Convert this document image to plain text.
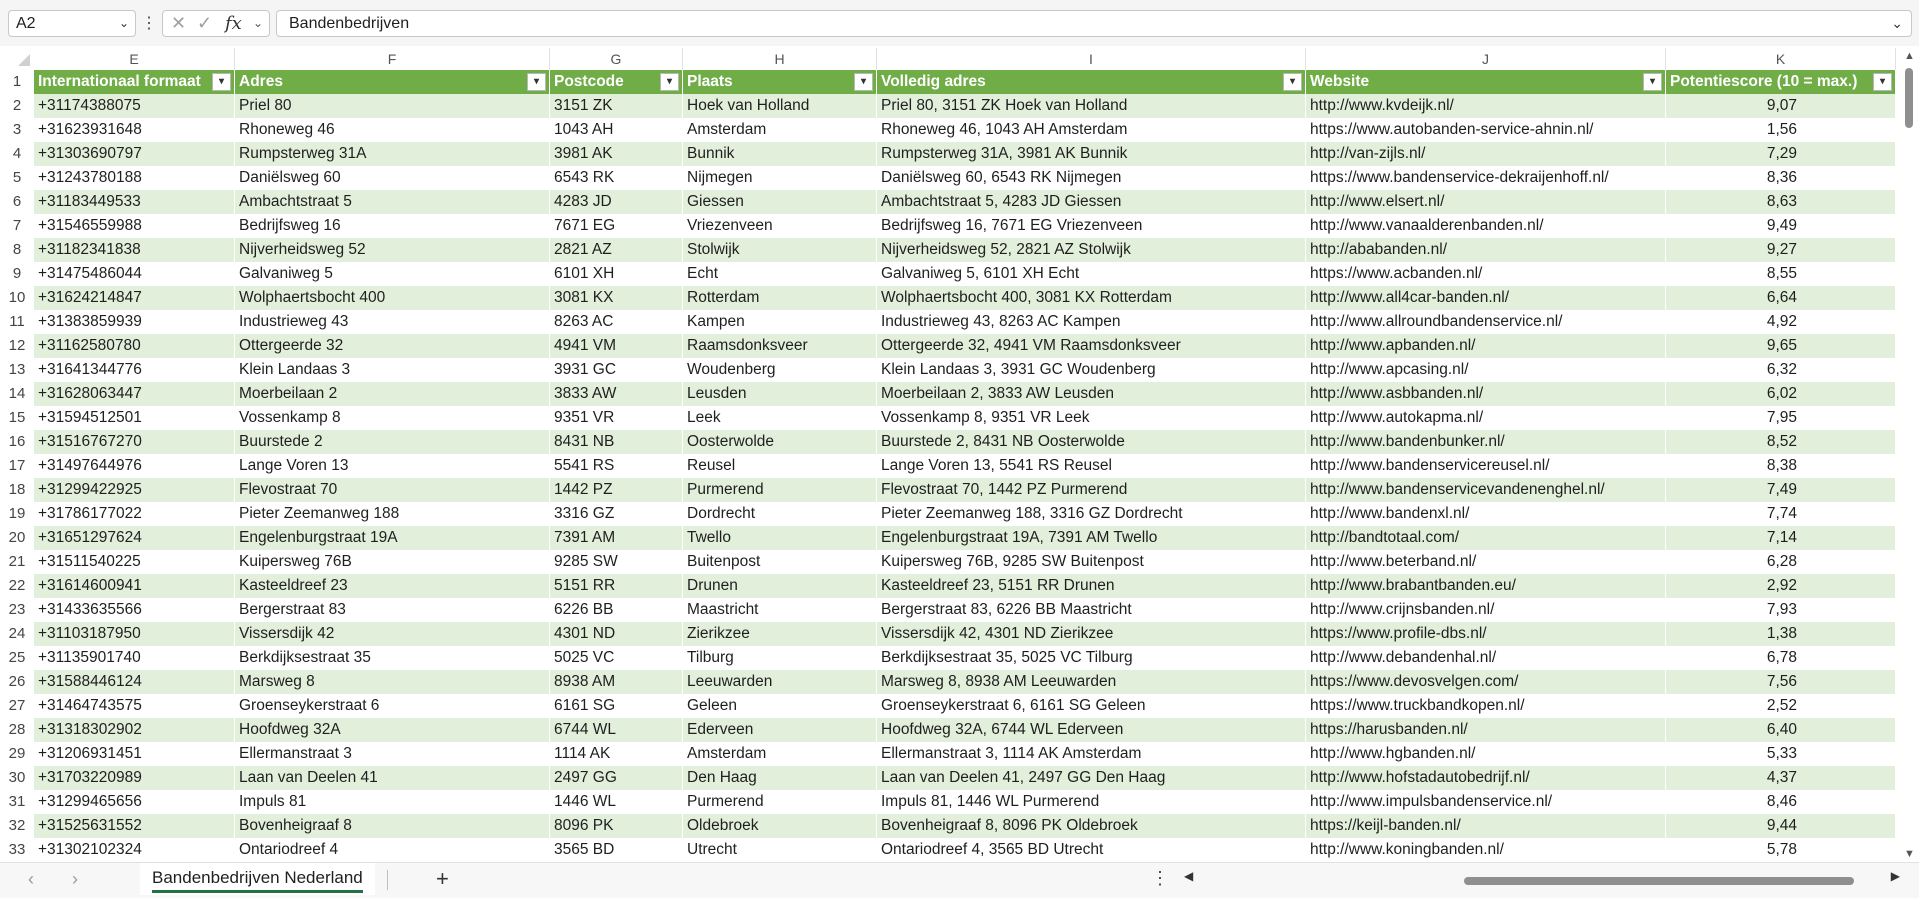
A2	⌄ ⋮ ✕ ✓ fx ⌄	Bandenbedrijven	⌄
E	F	G	H	I	J	K
1	Internationaal formaat	▾ Adres	▾ Postcode	▾ Plaats	▾ Volledig adres	▾ Website	▾ Potentiescore (10 = max.)	▾
2	+31174388075	Priel 80	3151 ZK	Hoek van Holland	Priel 80, 3151 ZK Hoek van Holland	http://www.kvdeijk.nl/	9,07
3	+31623931648	Rhoneweg 46	1043 AH	Amsterdam	Rhoneweg 46, 1043 AH Amsterdam	https://www.autobanden-service-ahnin.nl/	1,56
4	+31303690797	Rumpsterweg 31A	3981 AK	Bunnik	Rumpsterweg 31A, 3981 AK Bunnik	http://van-zijls.nl/	7,29
5	+31243780188	Daniëlsweg 60	6543 RK	Nijmegen	Daniëlsweg 60, 6543 RK Nijmegen	https://www.bandenservice-dekraijenhoff.nl/	8,36
6	+31183449533	Ambachtstraat 5	4283 JD	Giessen	Ambachtstraat 5, 4283 JD Giessen	http://www.elsert.nl/	8,63
7	+31546559988	Bedrijfsweg 16	7671 EG	Vriezenveen	Bedrijfsweg 16, 7671 EG Vriezenveen	http://www.vanaalderenbanden.nl/	9,49
8	+31182341838	Nijverheidsweg 52	2821 AZ	Stolwijk	Nijverheidsweg 52, 2821 AZ Stolwijk	http://ababanden.nl/	9,27
9	+31475486044	Galvaniweg 5	6101 XH	Echt	Galvaniweg 5, 6101 XH Echt	https://www.acbanden.nl/	8,55
10 +31624214847	Wolphaertsbocht 400	3081 KX	Rotterdam	Wolphaertsbocht 400, 3081 KX Rotterdam	http://www.all4car-banden.nl/	6,64
11 +31383859939	Industrieweg 43	8263 AC	Kampen	Industrieweg 43, 8263 AC Kampen	http://www.allroundbandenservice.nl/	4,92
12 +31162580780	Ottergeerde 32	4941 VM	Raamsdonksveer	Ottergeerde 32, 4941 VM Raamsdonksveer	http://www.apbanden.nl/	9,65
13 +31641344776	Klein Landaas 3	3931 GC	Woudenberg	Klein Landaas 3, 3931 GC Woudenberg	http://www.apcasing.nl/	6,32
14 +31628063447	Moerbeilaan 2	3833 AW	Leusden	Moerbeilaan 2, 3833 AW Leusden	http://www.asbbanden.nl/	6,02
15 +31594512501	Vossenkamp 8	9351 VR	Leek	Vossenkamp 8, 9351 VR Leek	http://www.autokapma.nl/	7,95
16 +31516767270	Buurstede 2	8431 NB	Oosterwolde	Buurstede 2, 8431 NB Oosterwolde	http://www.bandenbunker.nl/	8,52
17 +31497644976	Lange Voren 13	5541 RS	Reusel	Lange Voren 13, 5541 RS Reusel	http://www.bandenservicereusel.nl/	8,38
18 +31299422925	Flevostraat 70	1442 PZ	Purmerend	Flevostraat 70, 1442 PZ Purmerend	http://www.bandenservicevandenenghel.nl/	7,49
19 +31786177022	Pieter Zeemanweg 188	3316 GZ	Dordrecht	Pieter Zeemanweg 188, 3316 GZ Dordrecht	http://www.bandenxl.nl/	7,74
20 +31651297624	Engelenburgstraat 19A	7391 AM	Twello	Engelenburgstraat 19A, 7391 AM Twello	http://bandtotaal.com/	7,14
21 +31511540225	Kuipersweg 76B	9285 SW	Buitenpost	Kuipersweg 76B, 9285 SW Buitenpost	http://www.beterband.nl/	6,28
22 +31614600941	Kasteeldreef 23	5151 RR	Drunen	Kasteeldreef 23, 5151 RR Drunen	http://www.brabantbanden.eu/	2,92
23 +31433635566	Bergerstraat 83	6226 BB	Maastricht	Bergerstraat 83, 6226 BB Maastricht	http://www.crijnsbanden.nl/	7,93
24 +31103187950	Vissersdijk 42	4301 ND	Zierikzee	Vissersdijk 42, 4301 ND Zierikzee	https://www.profile-dbs.nl/	1,38
25 +31135901740	Berkdijksestraat 35	5025 VC	Tilburg	Berkdijksestraat 35, 5025 VC Tilburg	http://www.debandenhal.nl/	6,78
26 +31588446124	Marsweg 8	8938 AM	Leeuwarden	Marsweg 8, 8938 AM Leeuwarden	https://www.devosvelgen.com/	7,56
27 +31464743575	Groenseykerstraat 6	6161 SG	Geleen	Groenseykerstraat 6, 6161 SG Geleen	https://www.truckbandkopen.nl/	2,52
28 +31318302902	Hoofdweg 32A	6744 WL	Ederveen	Hoofdweg 32A, 6744 WL Ederveen	https://harusbanden.nl/	6,40
29 +31206931451	Ellermanstraat 3	1114 AK	Amsterdam	Ellermanstraat 3, 1114 AK Amsterdam	http://www.hgbanden.nl/	5,33
30 +31703220989	Laan van Deelen 41	2497 GG	Den Haag	Laan van Deelen 41, 2497 GG Den Haag	http://www.hofstadautobedrijf.nl/	4,37
31 +31299465656	Impuls 81	1446 WL	Purmerend	Impuls 81, 1446 WL Purmerend	http://www.impulsbandenservice.nl/	8,46
32 +31525631552	Bovenheigraaf 8	8096 PK	Oldebroek	Bovenheigraaf 8, 8096 PK Oldebroek	https://keijl-banden.nl/	9,44
33 +31302102324	Ontariodreef 4	3565 BD	Utrecht	Ontariodreef 4, 3565 BD Utrecht	http://www.koningbanden.nl/	5,78
▲
▼
‹ ›	Bandenbedrijven Nederland	+	⋮ ◀	▶
